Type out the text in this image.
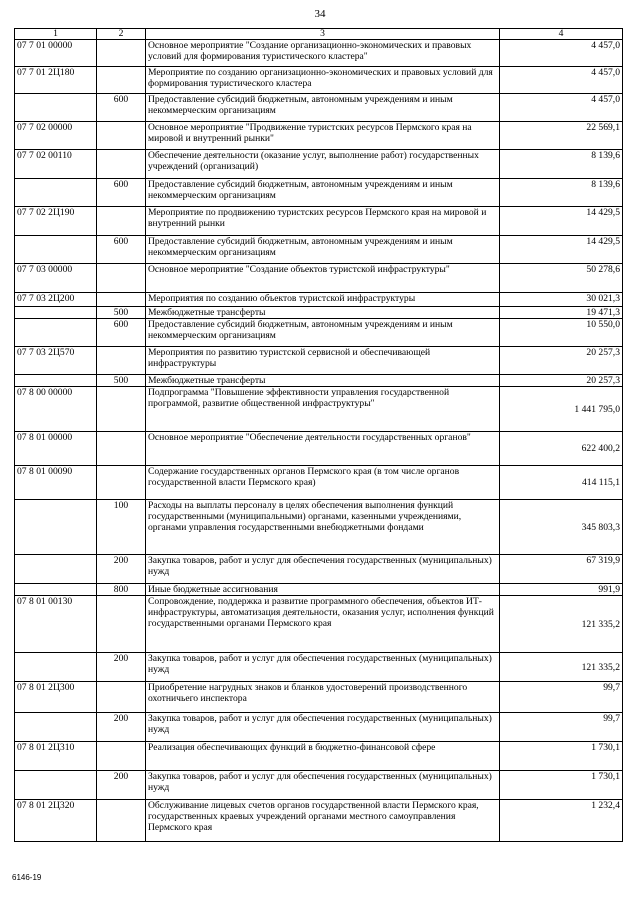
34
1	2	3	4
07 7 01 00000		Основное мероприятие "Создание организационно-экономических и правовых условий для формирования туристического кластера"	4 457,0
07 7 01 2Ц180		Мероприятие по созданию организационно-экономических и правовых условий для формирования туристического кластера	4 457,0
	600	Предоставление субсидий бюджетным, автономным учреждениям и иным некоммерческим организациям	4 457,0
07 7 02 00000		Основное мероприятие "Продвижение туристских ресурсов Пермского края на мировой и внутренний рынки"	22 569,1
07 7 02 00110		Обеспечение деятельности (оказание услуг, выполнение работ) государственных учреждений (организаций)	8 139,6
	600	Предоставление субсидий бюджетным, автономным учреждениям и иным некоммерческим организациям	8 139,6
07 7 02 2Ц190		Мероприятие по продвижению туристских ресурсов Пермского края на мировой и внутренний рынки	14 429,5
	600	Предоставление субсидий бюджетным, автономным учреждениям и иным некоммерческим организациям	14 429,5
07 7 03 00000		Основное мероприятие "Создание объектов туристской инфраструктуры"	50 278,6
07 7 03 2Ц200		Мероприятия по созданию объектов туристской инфраструктуры	30 021,3
	500	Межбюджетные трансферты	19 471,3
	600	Предоставление субсидий бюджетным, автономным учреждениям и иным некоммерческим организациям	10 550,0
07 7 03 2Ц570		Мероприятия по развитию туристской сервисной и обеспечивающей инфраструктуры	20 257,3
	500	Межбюджетные трансферты	20 257,3
07 8 00 00000		Подпрограмма "Повышение эффективности управления государственной программой, развитие общественной инфраструктуры"	1 441 795,0
07 8 01 00000		Основное мероприятие "Обеспечение деятельности государственных органов"	622 400,2
07 8 01 00090		Содержание государственных органов Пермского края (в том числе органов государственной власти Пермского края)	414 115,1
	100	Расходы на выплаты персоналу в целях обеспечения выполнения функций государственными (муниципальными) органами, казенными учреждениями, органами управления государственными внебюджетными фондами	345 803,3
	200	Закупка товаров, работ и услуг для обеспечения государственных (муниципальных) нужд	67 319,9
	800	Иные бюджетные ассигнования	991,9
07 8 01 00130		Сопровождение, поддержка и развитие программного обеспечения, объектов ИТ-инфраструктуры, автоматизация деятельности, оказания услуг, исполнения функций государственными органами Пермского края	121 335,2
	200	Закупка товаров, работ и услуг для обеспечения государственных (муниципальных) нужд	121 335,2
07 8 01 2Ц300		Приобретение нагрудных знаков и бланков удостоверений производственного охотничьего инспектора	99,7
	200	Закупка товаров, работ и услуг для обеспечения государственных (муниципальных) нужд	99,7
07 8 01 2Ц310		Реализация обеспечивающих функций в бюджетно-финансовой сфере	1 730,1
	200	Закупка товаров, работ и услуг для обеспечения государственных (муниципальных) нужд	1 730,1
07 8 01 2Ц320		Обслуживание лицевых счетов органов государственной власти Пермского края, государственных краевых учреждений органами местного самоуправления Пермского края	1 232,4
6146-19
